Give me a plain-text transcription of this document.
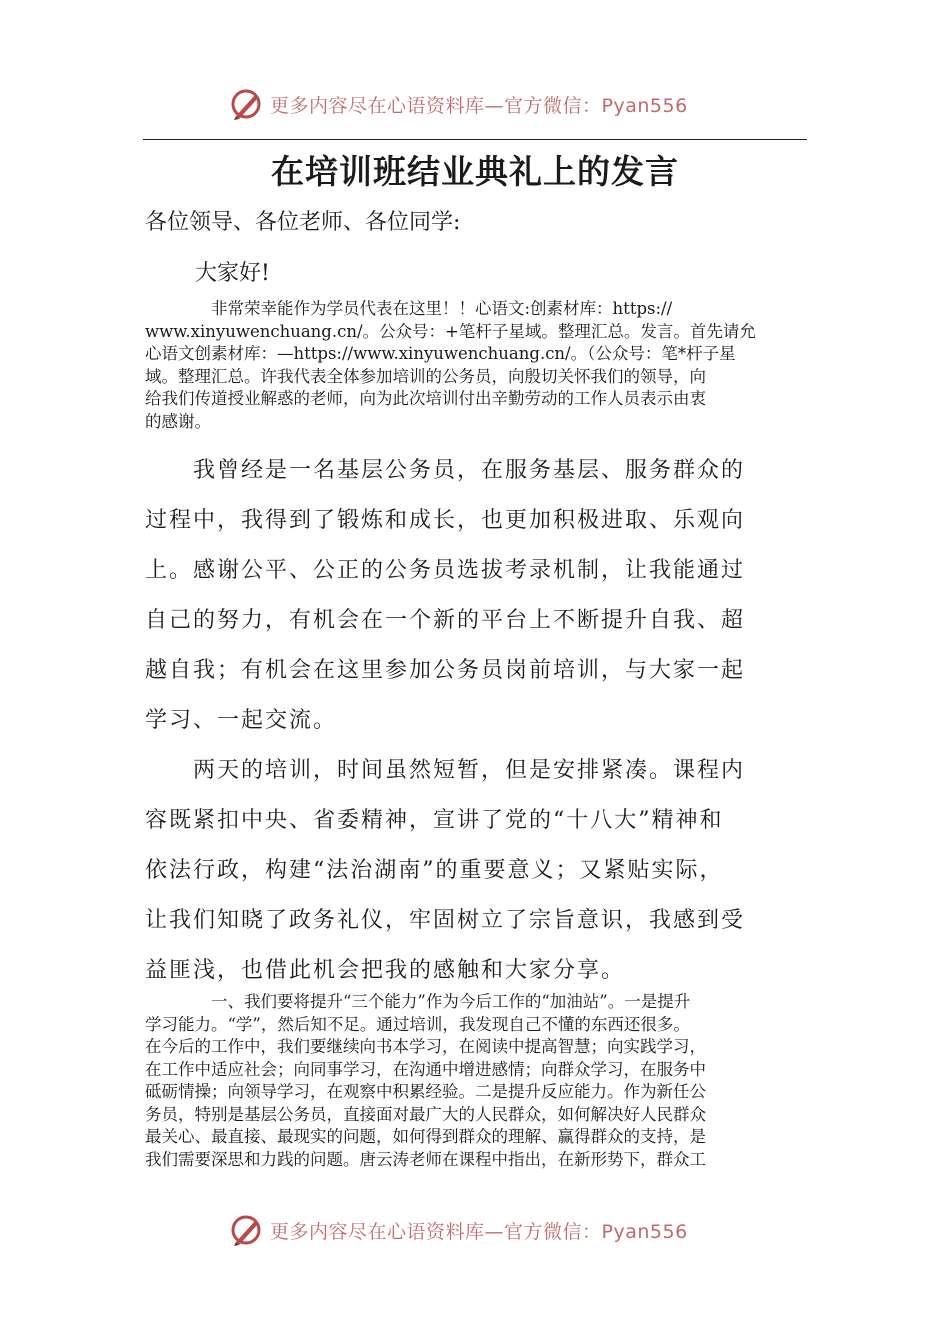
更多内容尽在心语资料库—官方微信：Pyan556
在培训班结业典礼上的发言
各位领导、各位老师、各位同学:
大家好!
　　　　非常荣幸能作为学员代表在这里！！心语文:创素材库：https://
www.xinyuwenchuang.cn/。公众号：+笔杆子星域。整理汇总。发言。首先请允
心语文创素材库：—https://www.xinyuwenchuang.cn/。（公众号：笔*杆子星
域。整理汇总。许我代表全体参加培训的公务员，向殷切关怀我们的领导，向
给我们传道授业解惑的老师，向为此次培训付出辛勤劳动的工作人员表示由衷
的感谢。
　　我曾经是一名基层公务员，在服务基层、服务群众的
过程中，我得到了锻炼和成长，也更加积极进取、乐观向
上。感谢公平、公正的公务员选拔考录机制，让我能通过
自己的努力，有机会在一个新的平台上不断提升自我、超
越自我；有机会在这里参加公务员岗前培训，与大家一起
学习、一起交流。
　　两天的培训，时间虽然短暂，但是安排紧凑。课程内
容既紧扣中央、省委精神，宣讲了党的“十八大”精神和
依法行政，构建“法治湖南”的重要意义；又紧贴实际，
让我们知晓了政务礼仪，牢固树立了宗旨意识，我感到受
益匪浅，也借此机会把我的感触和大家分享。
　　　　一、我们要将提升“三个能力”作为今后工作的“加油站”。一是提升
学习能力。“学”，然后知不足。通过培训，我发现自己不懂的东西还很多。
在今后的工作中，我们要继续向书本学习，在阅读中提高智慧；向实践学习，
在工作中适应社会；向同事学习，在沟通中增进感情；向群众学习，在服务中
砥砺情操；向领导学习，在观察中积累经验。二是提升反应能力。作为新任公
务员，特别是基层公务员，直接面对最广大的人民群众，如何解决好人民群众
最关心、最直接、最现实的问题，如何得到群众的理解、赢得群众的支持，是
我们需要深思和力践的问题。唐云涛老师在课程中指出，在新形势下，群众工
更多内容尽在心语资料库—官方微信：Pyan556
